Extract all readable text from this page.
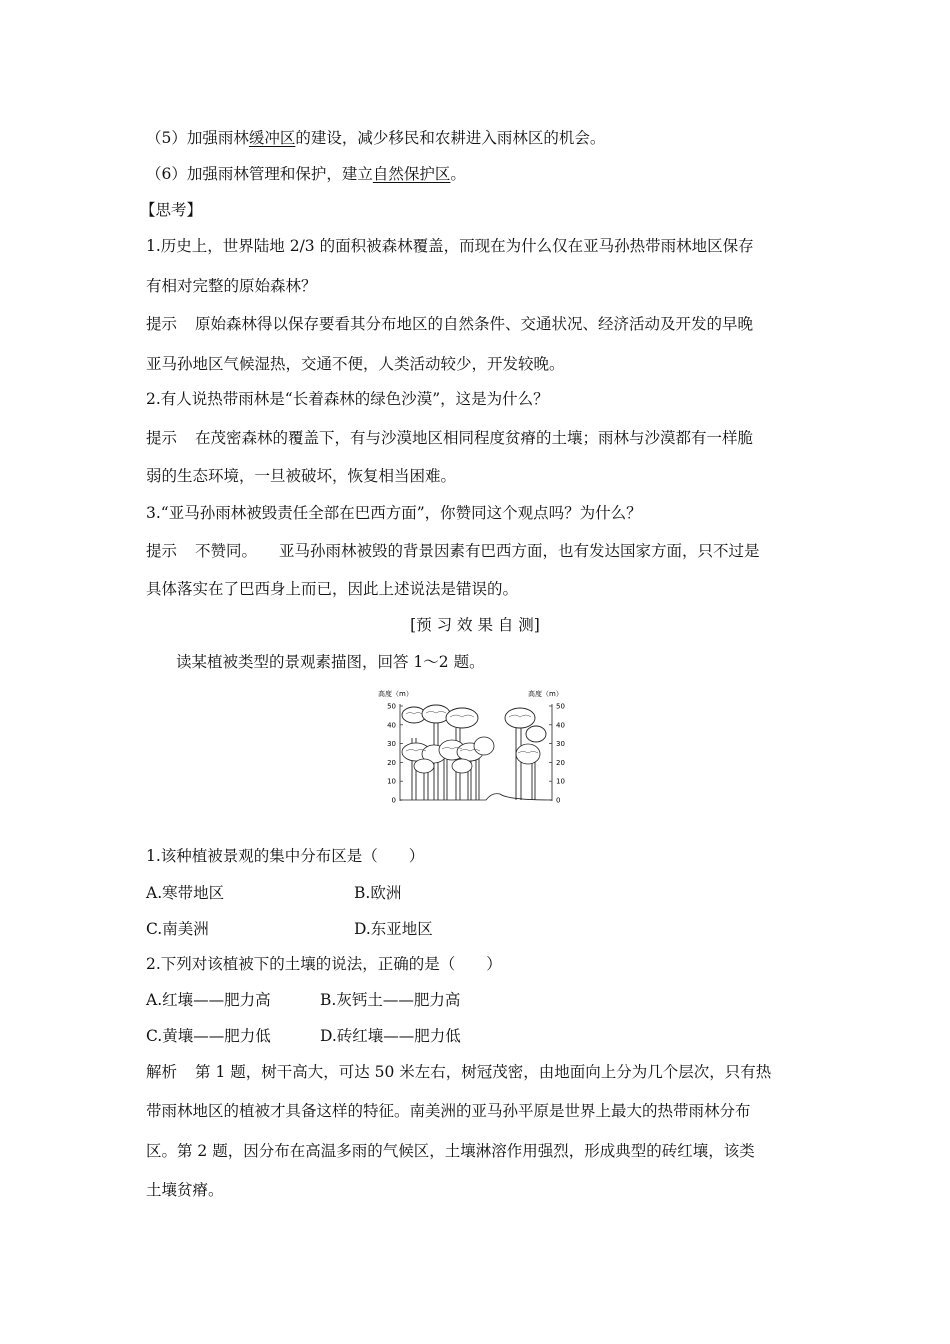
（5）加强雨林缓冲区的建设，减少移民和农耕进入雨林区的机会。
（6）加强雨林管理和保护，建立自然保护区。
【思考】
1.历史上，世界陆地 2/3 的面积被森林覆盖，而现在为什么仅在亚马孙热带雨林地区保存
有相对完整的原始森林？
提示 原始森林得以保存要看其分布地区的自然条件、交通状况、经济活动及开发的早晚
亚马孙地区气候湿热，交通不便，人类活动较少，开发较晚。
2.有人说热带雨林是“长着森林的绿色沙漠”，这是为什么？
提示 在茂密森林的覆盖下，有与沙漠地区相同程度贫瘠的土壤；雨林与沙漠都有一样脆
弱的生态环境，一旦被破坏，恢复相当困难。
3.“亚马孙雨林被毁责任全部在巴西方面”，你赞同这个观点吗？为什么？
提示 不赞同。 亚马孙雨林被毁的背景因素有巴西方面，也有发达国家方面，只不过是
具体落实在了巴西身上而已，因此上述说法是错误的。
[预 习 效 果 自 测]
读某植被类型的景观素描图，回答 1～2 题。
高度（m）	高度（m）
50
40
30
20
10
0
50
40
30
20
10
0
1.该种植被景观的集中分布区是（　　）
A.寒带地区	B.欧洲
C.南美洲	D.东亚地区
2.下列对该植被下的土壤的说法，正确的是（　　）
A.红壤——肥力高	B.灰钙土——肥力高
C.黄壤——肥力低	D.砖红壤——肥力低
解析 第 1 题，树干高大，可达 50 米左右，树冠茂密，由地面向上分为几个层次，只有热
带雨林地区的植被才具备这样的特征。南美洲的亚马孙平原是世界上最大的热带雨林分布
区。第 2 题，因分布在高温多雨的气候区，土壤淋溶作用强烈，形成典型的砖红壤，该类
土壤贫瘠。
